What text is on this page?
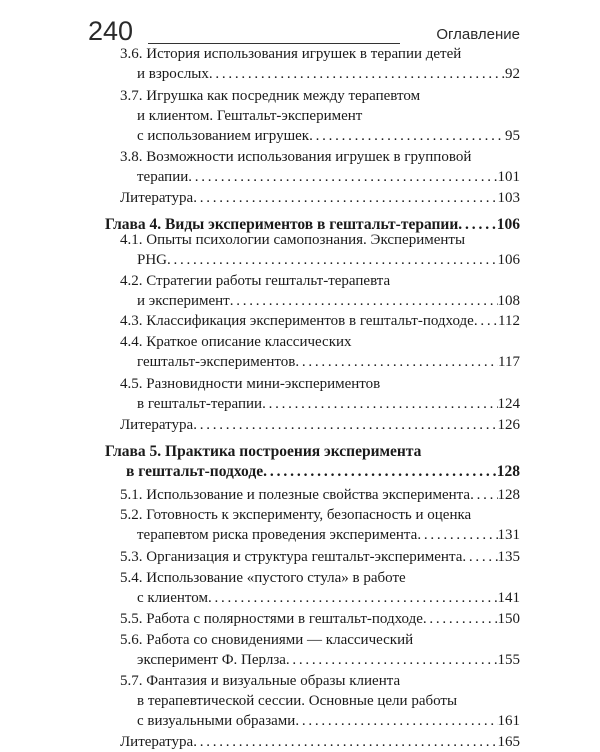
240	Оглавление
3.6. История использования игрушек в терапии детей
и взрослых . . .	92
3.7. Игрушка как посредник между терапевтом
и клиентом. Гештальт-эксперимент
с использованием игрушек . . .	95
3.8. Возможности использования игрушек в групповой
терапии . . .	101
Литература . . .	103
Глава 4. Виды экспериментов в гештальт-терапии . . . 106
4.1. Опыты психологии самопознания. Эксперименты
PHG . . .	106
4.2. Стратегии работы гештальт-терапевта
и эксперимент . . .	108
4.3. Классификация экспериментов в гештальт-подходе . . . 112
4.4. Краткое описание классических
гештальт-экспериментов . . .	117
4.5. Разновидности мини-экспериментов
в гештальт-терапии . . .	124
Литература . . .	126
Глава 5. Практика построения эксперимента
в гештальт-подходе . . .	128
5.1. Использование и полезные свойства эксперимента . . . 128
5.2. Готовность к эксперименту, безопасность и оценка
терапевтом риска проведения эксперимента . . .	131
5.3. Организация и структура гештальт-эксперимента . . . 135
5.4. Использование «пустого стула» в работе
с клиентом . . .	141
5.5. Работа с полярностями в гештальт-подходе . . .	150
5.6. Работа со сновидениями — классический
эксперимент Ф. Перлза . . .	155
5.7. Фантазия и визуальные образы клиента
в терапевтической сессии. Основные цели работы
с визуальными образами . . .	161
Литература . . .	165
